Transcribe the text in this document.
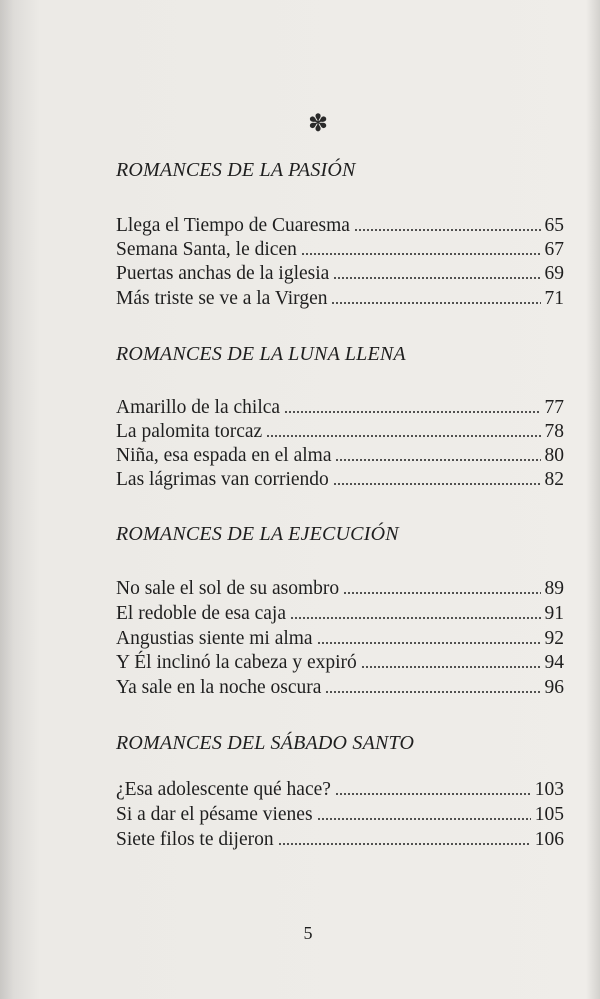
✽
ROMANCES DE LA PASIÓN
Llega el Tiempo de Cuaresma	65
Semana Santa, le dicen	67
Puertas anchas de la iglesia	69
Más triste se ve a la Virgen	71
ROMANCES DE LA LUNA LLENA
Amarillo de la chilca	77
La palomita torcaz	78
Niña, esa espada en el alma	80
Las lágrimas van corriendo	82
ROMANCES DE LA EJECUCIÓN
No sale el sol de su asombro	89
El redoble de esa caja	91
Angustias siente mi alma	92
Y Él inclinó la cabeza y expiró	94
Ya sale en la noche oscura	96
ROMANCES DEL SÁBADO SANTO
¿Esa adolescente qué hace?	103
Si a dar el pésame vienes	105
Siete filos te dijeron	106
5
